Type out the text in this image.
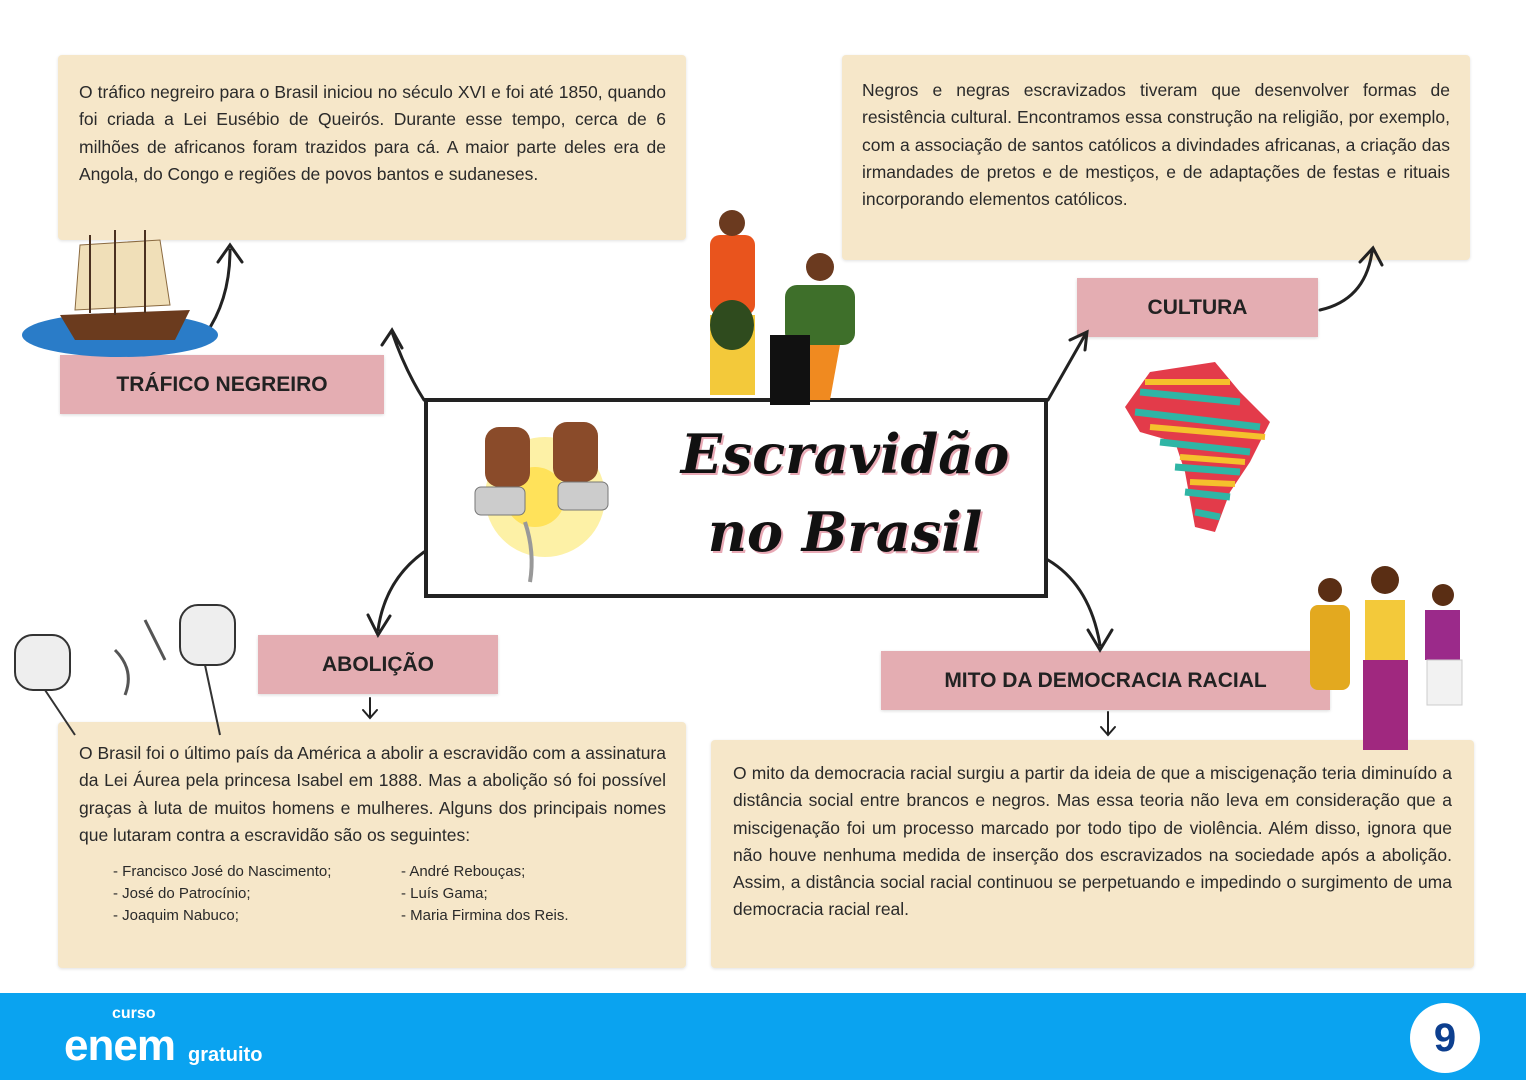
O tráfico negreiro para o Brasil iniciou no século XVI e foi até 1850, quando foi criada a Lei Eusébio de Queirós. Durante esse tempo, cerca de 6 milhões de africanos foram trazidos para cá. A maior parte deles era de Angola, do Congo e regiões de povos bantos e sudaneses.

Negros e negras escravizados tiveram que desenvolver formas de resistência cultural. Encontramos essa construção na religião, por exemplo, com a associação de santos católicos a divindades africanas, a criação das irmandades de pretos e de mestiços, e de adaptações de festas e rituais incorporando elementos católicos.

O Brasil foi o último país da América a abolir a escravidão com a assinatura da Lei Áurea pela princesa Isabel em 1888. Mas a abolição só foi possível graças à luta de muitos homens e mulheres. Alguns dos principais nomes que lutaram contra a escravidão são os seguintes:

- Francisco José do Nascimento;	- André Rebouças;
- José do Patrocínio;	- Luís Gama;
- Joaquim Nabuco;	- Maria Firmina dos Reis.

O mito da democracia racial surgiu a partir da ideia de que a miscigenação teria diminuído a distância social entre brancos e negros. Mas essa teoria não leva em consideração que a miscigenação foi um processo marcado por todo tipo de violência. Além disso, ignora que não houve nenhuma medida de inserção dos escravizados na sociedade após a abolição. Assim, a distância social racial continuou se perpetuando e impedindo o surgimento de uma democracia racial real.

TRÁFICO NEGREIRO
CULTURA
ABOLIÇÃO
MITO DA DEMOCRACIA RACIAL
Escravidão
no Brasil
curso
enem gratuito	9
